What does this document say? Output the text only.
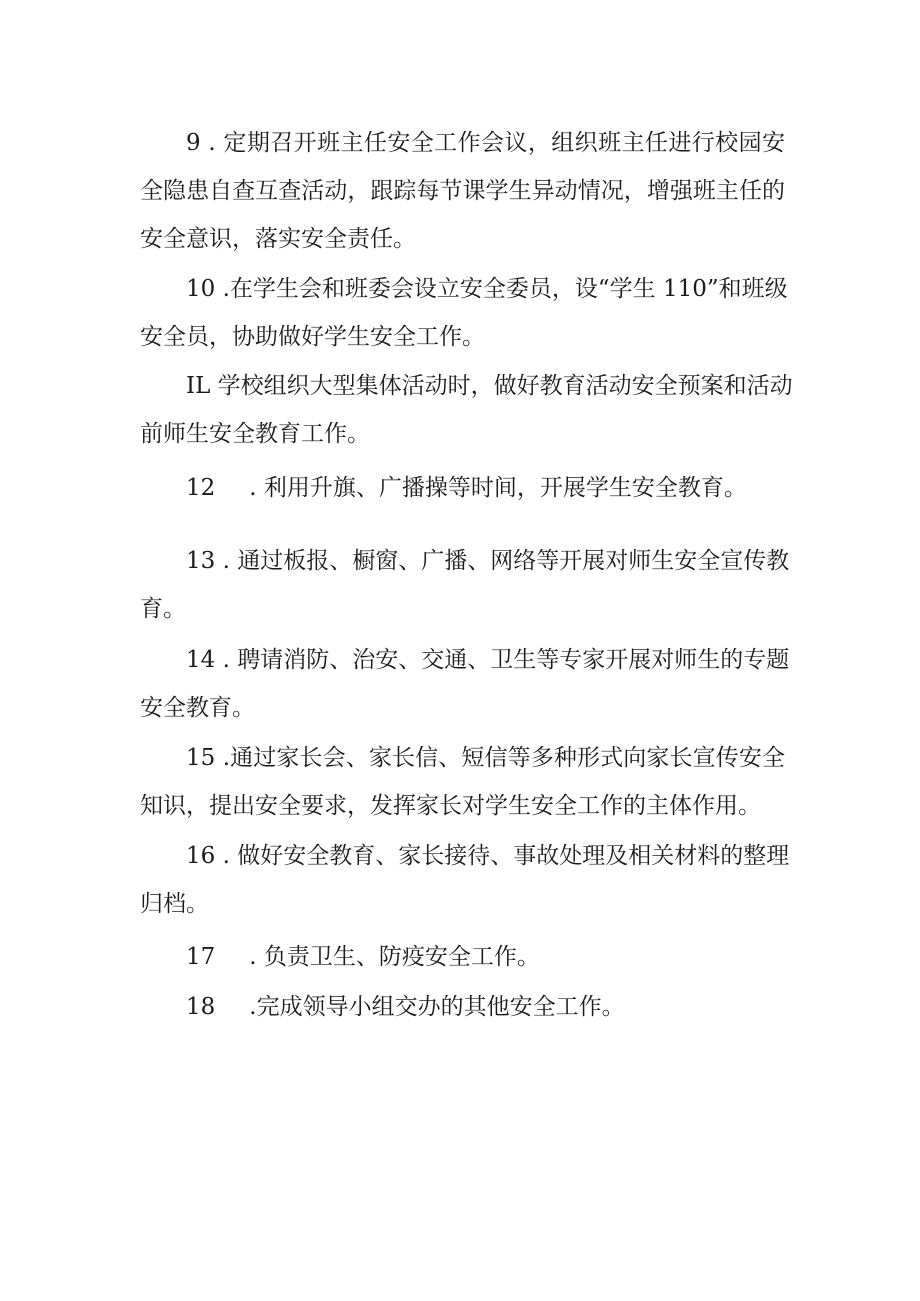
9 . 定期召开班主任安全工作会议，组织班主任进行校园安
全隐患自查互查活动，跟踪每节课学生异动情况，增强班主任的
安全意识，落实安全责任。
10 .在学生会和班委会设立安全委员，设“学生 110”和班级
安全员，协助做好学生安全工作。
IL 学校组织大型集体活动时，做好教育活动安全预案和活动
前师生安全教育工作。
12 . 利用升旗、广播操等时间，开展学生安全教育。
13 . 通过板报、橱窗、广播、网络等开展对师生安全宣传教
育。
14 . 聘请消防、治安、交通、卫生等专家开展对师生的专题
安全教育。
15 .通过家长会、家长信、短信等多种形式向家长宣传安全
知识，提出安全要求，发挥家长对学生安全工作的主体作用。
16 . 做好安全教育、家长接待、事故处理及相关材料的整理
归档。
17 . 负责卫生、防疫安全工作。
18 .完成领导小组交办的其他安全工作。
